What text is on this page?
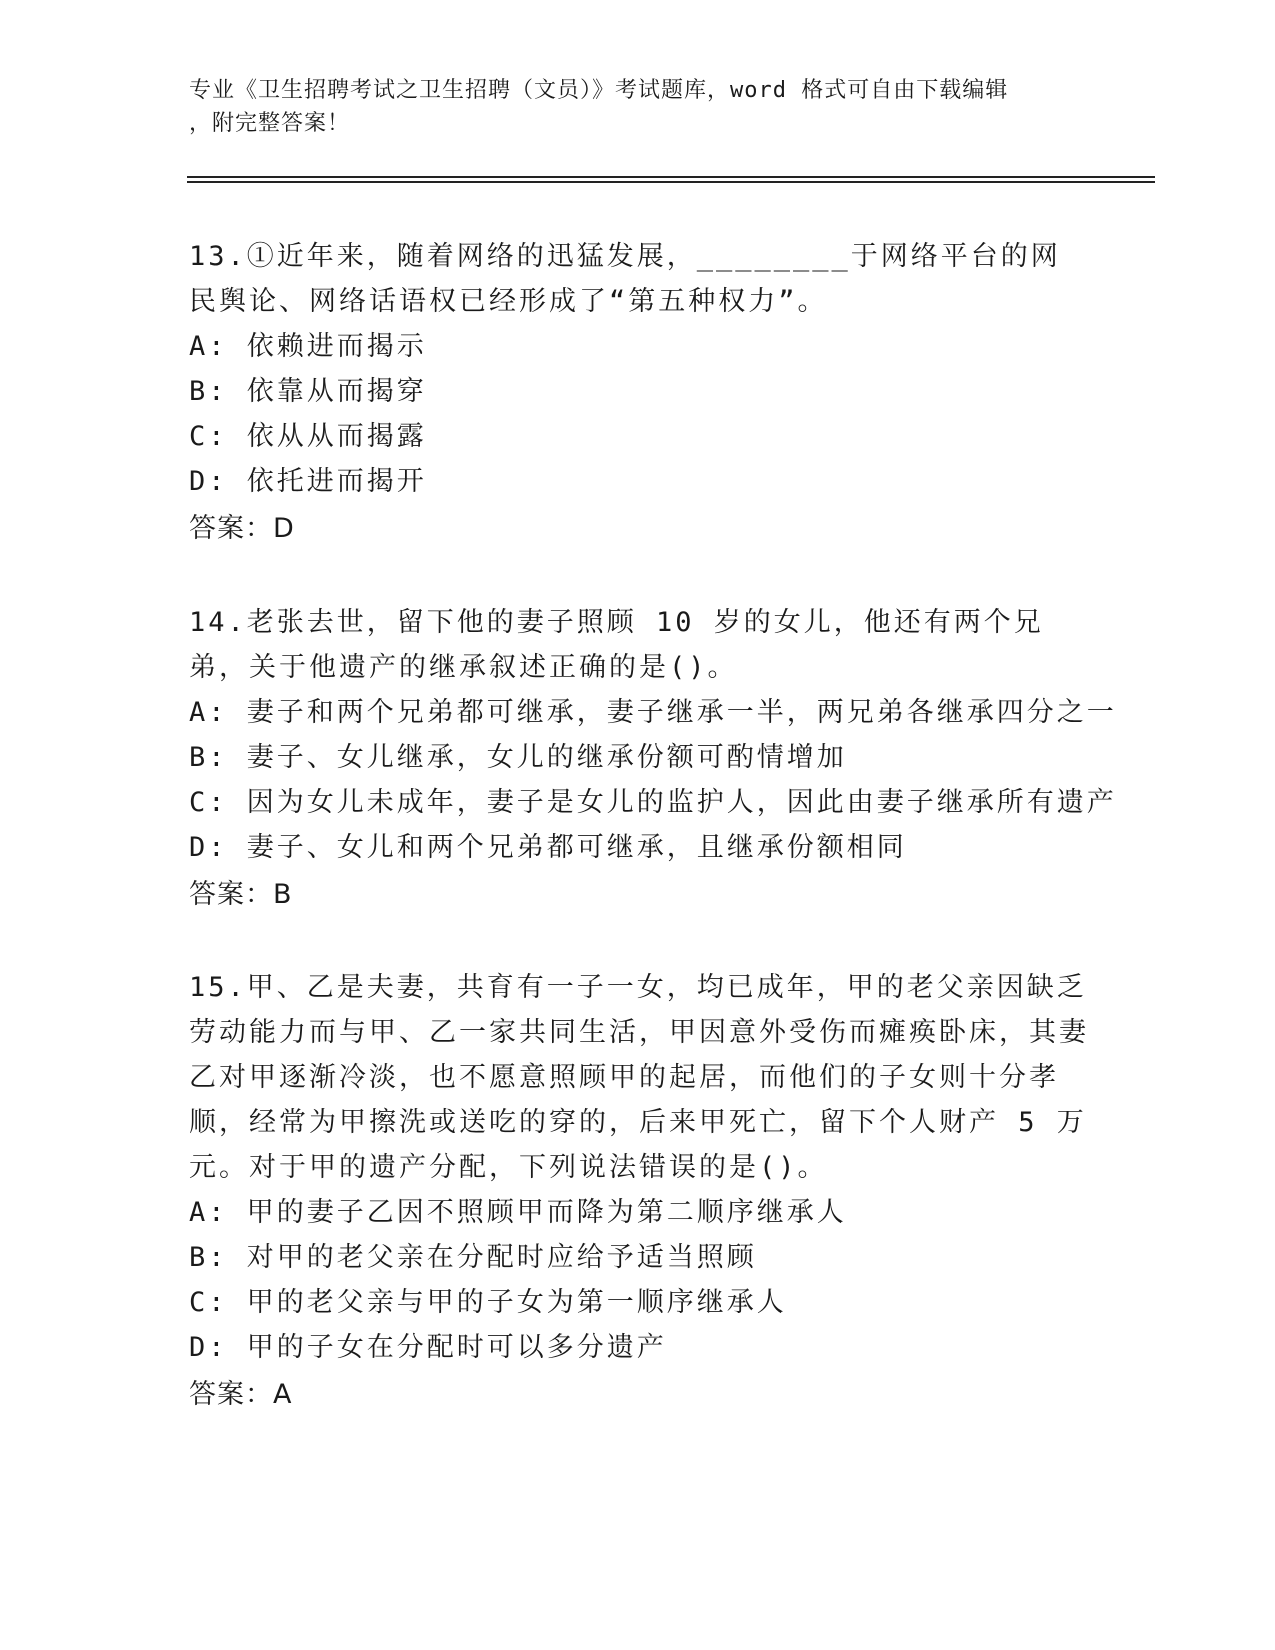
专业《卫生招聘考试之卫生招聘（文员）》考试题库，word 格式可自由下载编辑
，附完整答案！

13.①近年来，随着网络的迅猛发展，________于网络平台的网民舆论、网络话语权已经形成了“第五种权力”。

A: 依赖进而揭示

B: 依靠从而揭穿

C: 依从从而揭露

D: 依托进而揭开

答案：D

14.老张去世，留下他的妻子照顾 10 岁的女儿，他还有两个兄弟，关于他遗产的继承叙述正确的是()。

A: 妻子和两个兄弟都可继承，妻子继承一半，两兄弟各继承四分之一

B: 妻子、女儿继承，女儿的继承份额可酌情增加

C: 因为女儿未成年，妻子是女儿的监护人，因此由妻子继承所有遗产

D: 妻子、女儿和两个兄弟都可继承，且继承份额相同

答案：B

15.甲、乙是夫妻，共育有一子一女，均已成年，甲的老父亲因缺乏劳动能力而与甲、乙一家共同生活，甲因意外受伤而瘫痪卧床，其妻乙对甲逐渐冷淡，也不愿意照顾甲的起居，而他们的子女则十分孝顺，经常为甲擦洗或送吃的穿的，后来甲死亡，留下个人财产 5 万元。对于甲的遗产分配，下列说法错误的是()。

A: 甲的妻子乙因不照顾甲而降为第二顺序继承人

B: 对甲的老父亲在分配时应给予适当照顾

C: 甲的老父亲与甲的子女为第一顺序继承人

D: 甲的子女在分配时可以多分遗产

答案：A
